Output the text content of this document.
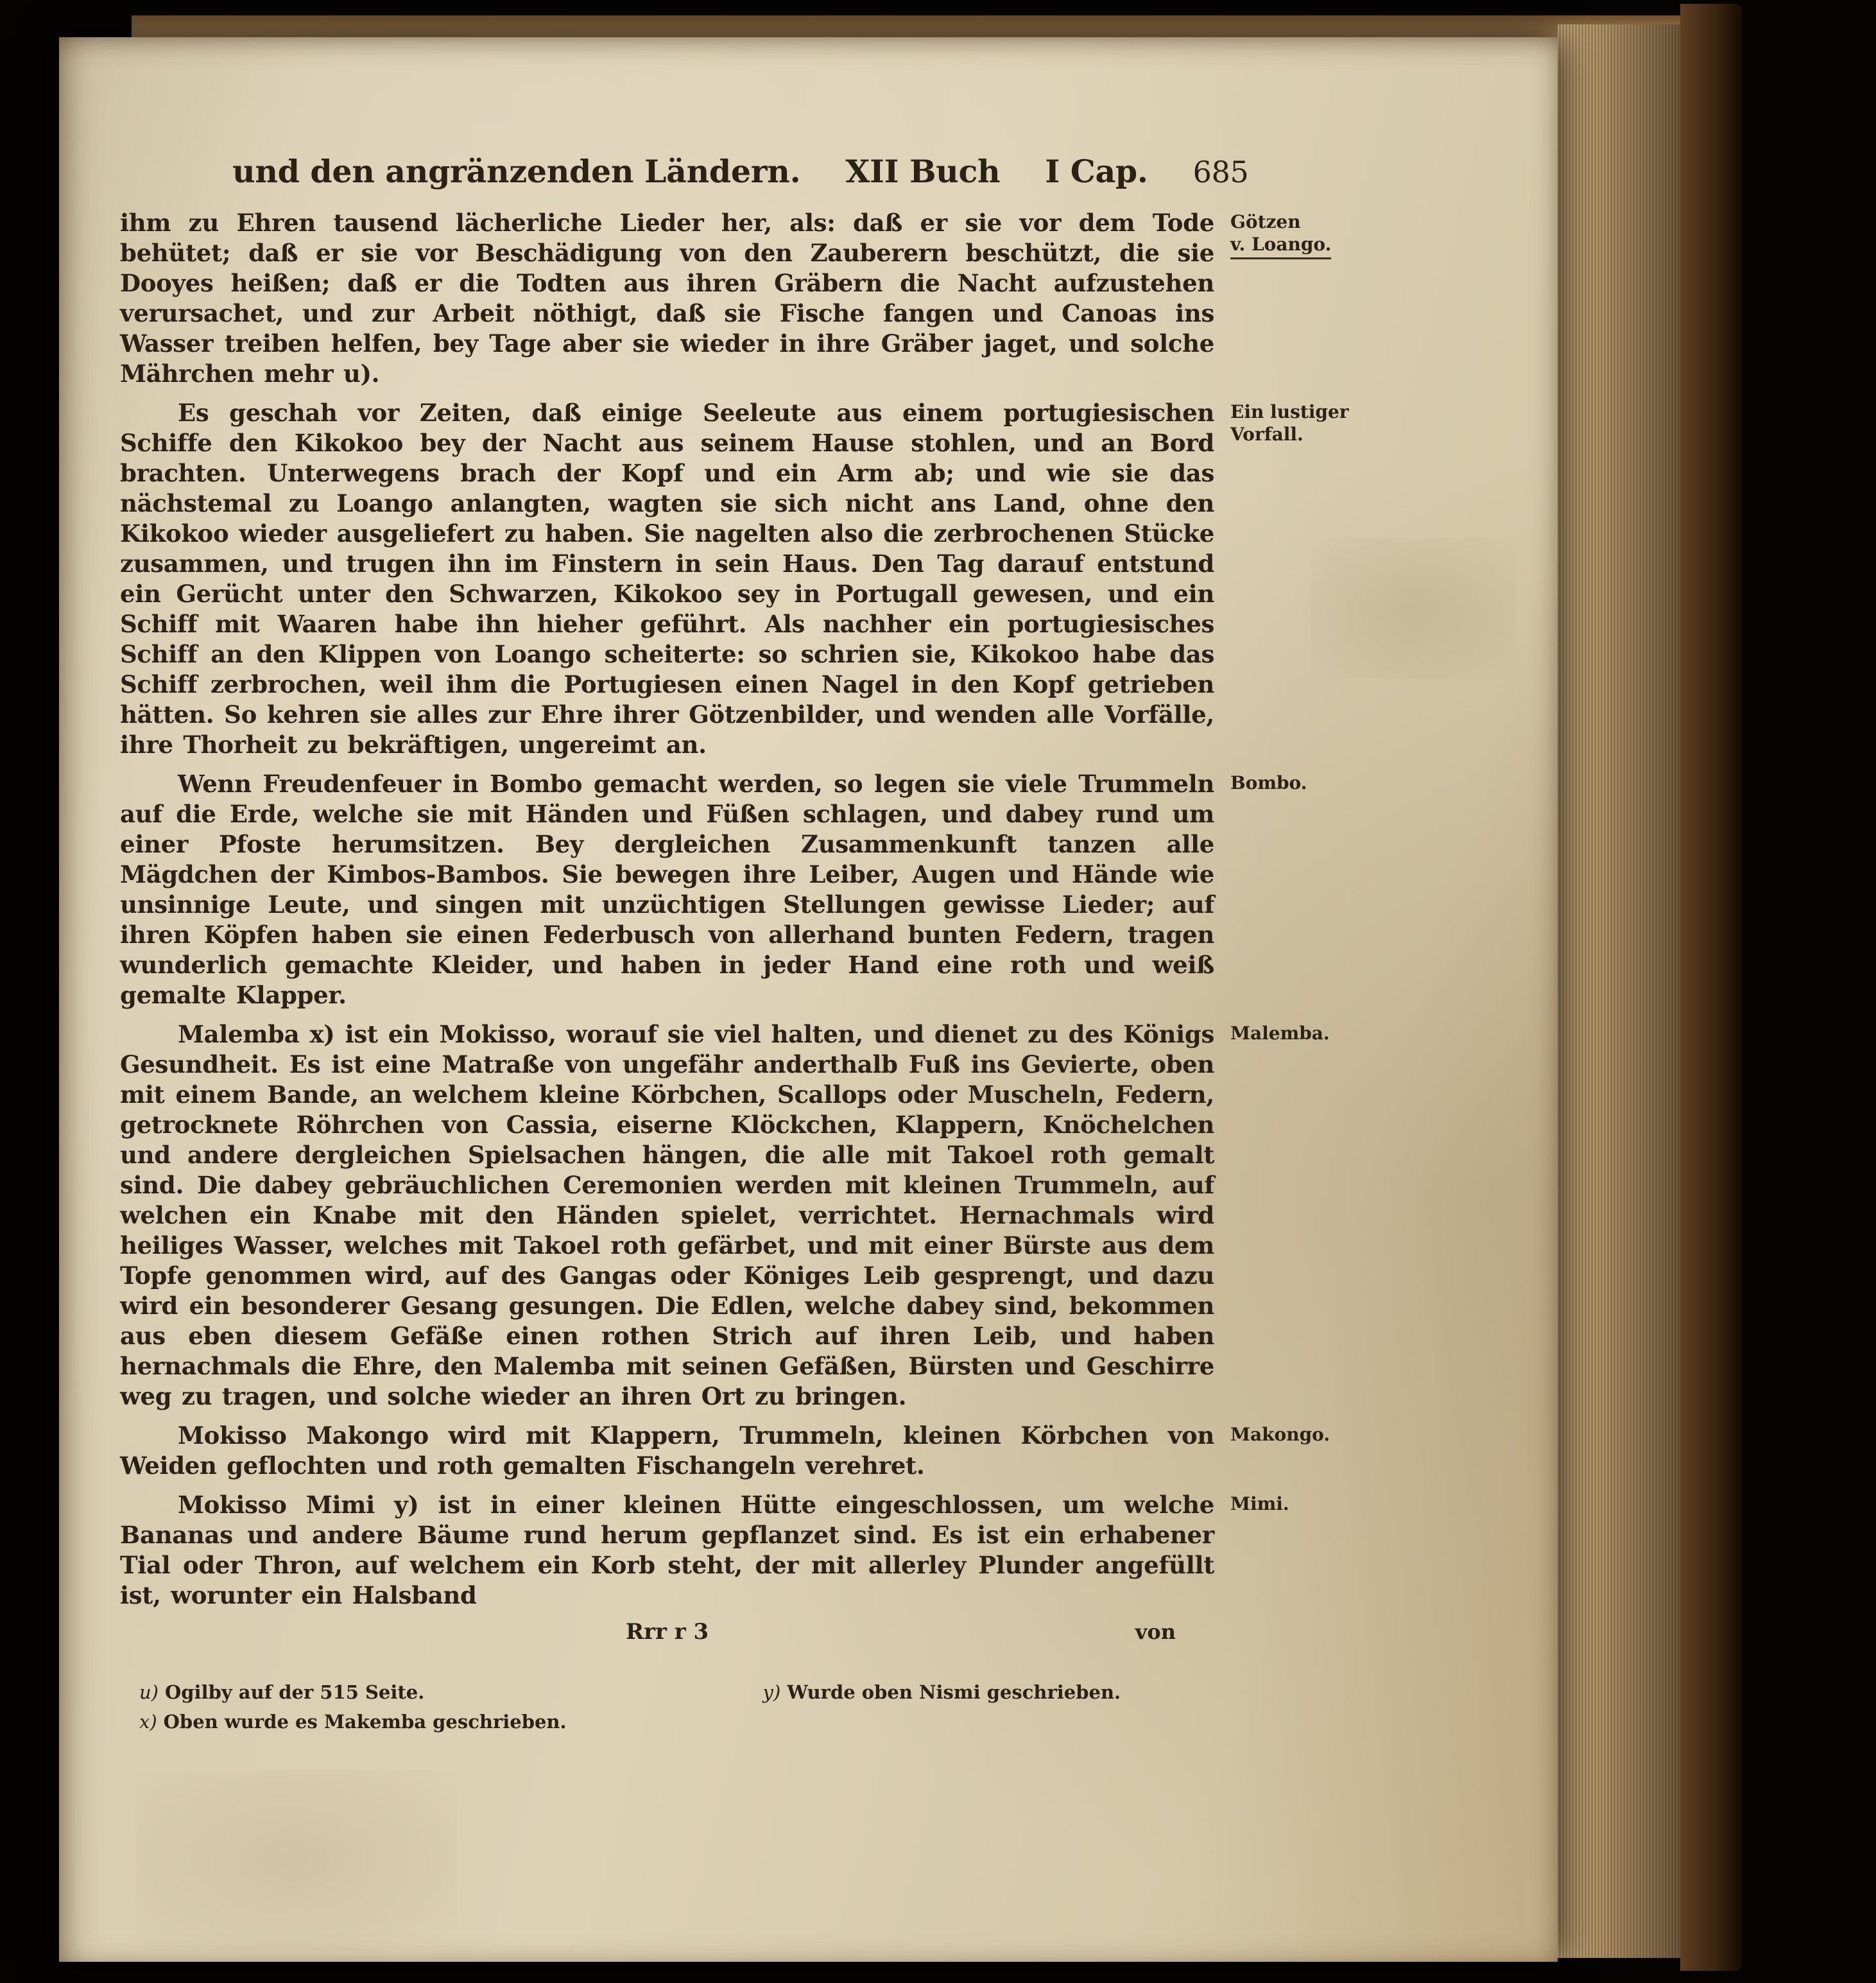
und den angränzenden Ländern. XII Buch I Cap. 685

ihm zu Ehren tausend lächerliche Lieder her, als: daß er sie vor dem Tode behütet; daß er sie vor Beschädigung von den Zauberern beschützt, die sie Dooyes heißen; daß er die Todten aus ihren Gräbern die Nacht aufzustehen verursachet, und zur Arbeit nöthigt, daß sie Fische fangen und Canoas ins Wasser treiben helfen, bey Tage aber sie wieder in ihre Gräber jaget, und solche Mährchen mehr u).

Götzen
v. Loango.

Es geschah vor Zeiten, daß einige Seeleute aus einem portugiesischen Schiffe den Kikokoo bey der Nacht aus seinem Hause stohlen, und an Bord brachten. Unterwegens brach der Kopf und ein Arm ab; und wie sie das nächstemal zu Loango anlangten, wagten sie sich nicht ans Land, ohne den Kikokoo wieder ausgeliefert zu haben. Sie nagelten also die zerbrochenen Stücke zusammen, und trugen ihn im Finstern in sein Haus. Den Tag darauf entstund ein Gerücht unter den Schwarzen, Kikokoo sey in Portugall gewesen, und ein Schiff mit Waaren habe ihn hieher geführt. Als nachher ein portugiesisches Schiff an den Klippen von Loango scheiterte: so schrien sie, Kikokoo habe das Schiff zerbrochen, weil ihm die Portugiesen einen Nagel in den Kopf getrieben hätten. So kehren sie alles zur Ehre ihrer Götzenbilder, und wenden alle Vorfälle, ihre Thorheit zu bekräftigen, ungereimt an.

Ein lustiger
Vorfall.

Wenn Freudenfeuer in Bombo gemacht werden, so legen sie viele Trummeln auf die Erde, welche sie mit Händen und Füßen schlagen, und dabey rund um einer Pfoste herumsitzen. Bey dergleichen Zusammenkunft tanzen alle Mägdchen der Kimbos-Bambos. Sie bewegen ihre Leiber, Augen und Hände wie unsinnige Leute, und singen mit unzüchtigen Stellungen gewisse Lieder; auf ihren Köpfen haben sie einen Federbusch von allerhand bunten Federn, tragen wunderlich gemachte Kleider, und haben in jeder Hand eine roth und weiß gemalte Klapper.

Bombo.

Malemba x) ist ein Mokisso, worauf sie viel halten, und dienet zu des Königs Gesundheit. Es ist eine Matraße von ungefähr anderthalb Fuß ins Gevierte, oben mit einem Bande, an welchem kleine Körbchen, Scallops oder Muscheln, Federn, getrocknete Röhrchen von Cassia, eiserne Klöckchen, Klappern, Knöchelchen und andere dergleichen Spielsachen hängen, die alle mit Takoel roth gemalt sind. Die dabey gebräuchlichen Ceremonien werden mit kleinen Trummeln, auf welchen ein Knabe mit den Händen spielet, verrichtet. Hernachmals wird heiliges Wasser, welches mit Takoel roth gefärbet, und mit einer Bürste aus dem Topfe genommen wird, auf des Gangas oder Königes Leib gesprengt, und dazu wird ein besonderer Gesang gesungen. Die Edlen, welche dabey sind, bekommen aus eben diesem Gefäße einen rothen Strich auf ihren Leib, und haben hernachmals die Ehre, den Malemba mit seinen Gefäßen, Bürsten und Geschirre weg zu tragen, und solche wieder an ihren Ort zu bringen.

Malemba.

Mokisso Makongo wird mit Klappern, Trummeln, kleinen Körbchen von Weiden geflochten und roth gemalten Fischangeln verehret.

Makongo.

Mokisso Mimi y) ist in einer kleinen Hütte eingeschlossen, um welche Bananas und andere Bäume rund herum gepflanzet sind. Es ist ein erhabener Tial oder Thron, auf welchem ein Korb steht, der mit allerley Plunder angefüllt ist, worunter ein Halsband

Mimi.
Rrr r 3	von
u) Ogilby auf der 515 Seite.	y) Wurde oben Nismi geschrieben.
x) Oben wurde es Makemba geschrieben.
